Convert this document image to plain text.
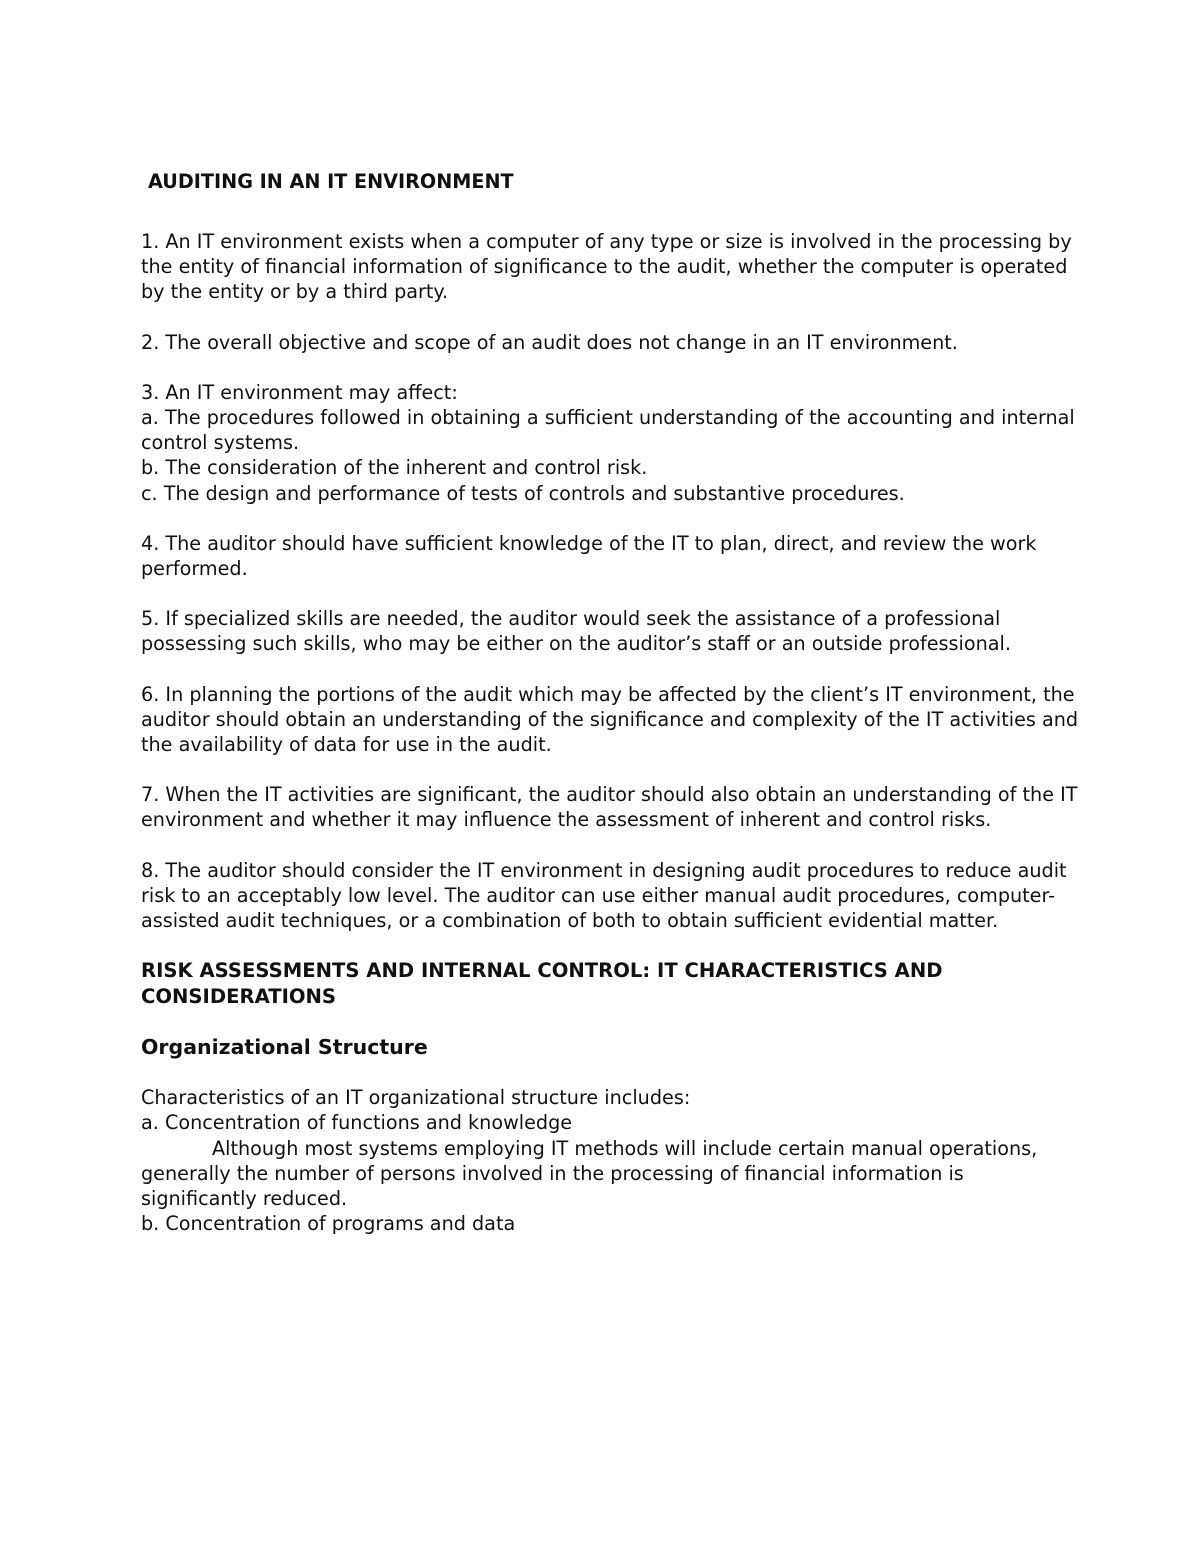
AUDITING IN AN IT ENVIRONMENT

1. An IT environment exists when a computer of any type or size is involved in the processing by the entity of financial information of significance to the audit, whether the computer is operated by the entity or by a third party.

2. The overall objective and scope of an audit does not change in an IT environment.

3. An IT environment may affect:

a. The procedures followed in obtaining a sufficient understanding of the accounting and internal control systems.

b. The consideration of the inherent and control risk.

c. The design and performance of tests of controls and substantive procedures.

4. The auditor should have sufficient knowledge of the IT to plan, direct, and review the work performed.

5. If specialized skills are needed, the auditor would seek the assistance of a professional possessing such skills, who may be either on the auditor’s staff or an outside professional.

6. In planning the portions of the audit which may be affected by the client’s IT environment, the auditor should obtain an understanding of the significance and complexity of the IT activities and the availability of data for use in the audit.

7. When the IT activities are significant, the auditor should also obtain an understanding of the IT environment and whether it may influence the assessment of inherent and control risks.

8. The auditor should consider the IT environment in designing audit procedures to reduce audit risk to an acceptably low level. The auditor can use either manual audit procedures, computer-assisted audit techniques, or a combination of both to obtain sufficient evidential matter.

RISK ASSESSMENTS AND INTERNAL CONTROL: IT CHARACTERISTICS AND CONSIDERATIONS

Organizational Structure

Characteristics of an IT organizational structure includes:

a. Concentration of functions and knowledge

Although most systems employing IT methods will include certain manual operations, generally the number of persons involved in the processing of financial information is significantly reduced.

b. Concentration of programs and data
